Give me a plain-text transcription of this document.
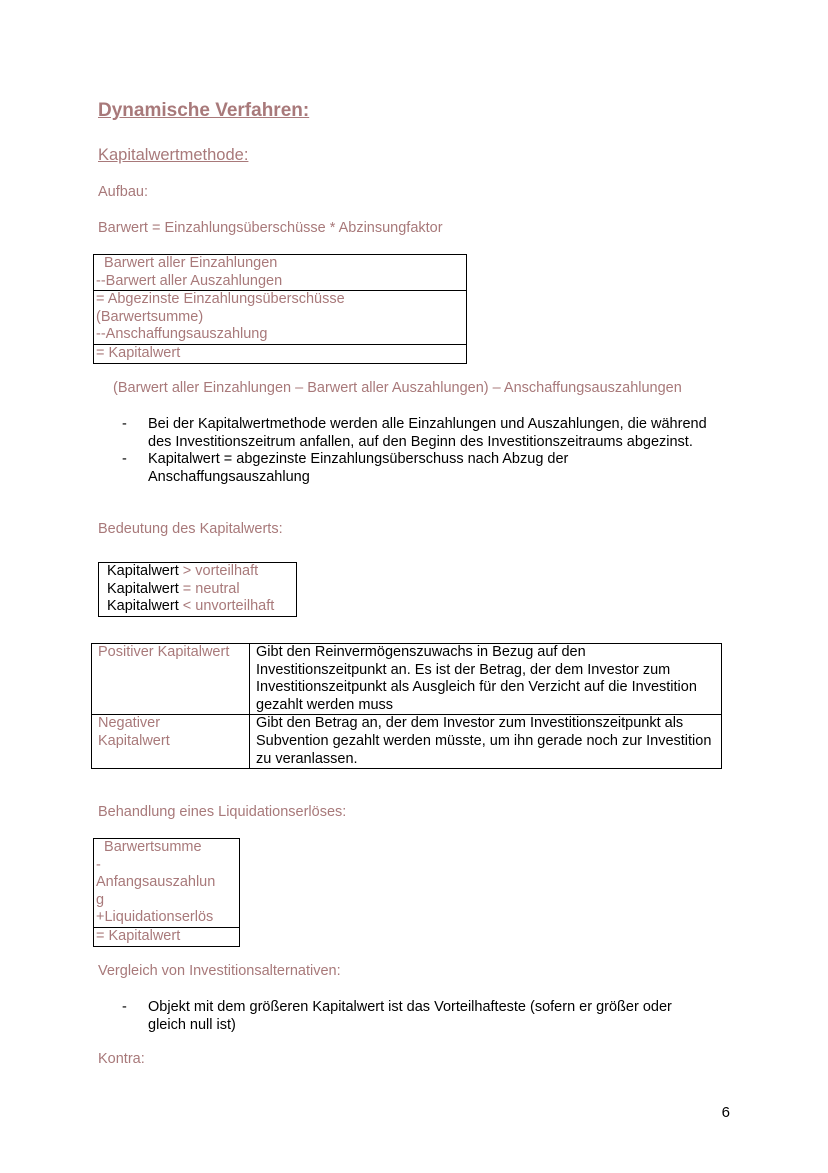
Dynamische Verfahren:
Kapitalwertmethode:
Aufbau:
Barwert = Einzahlungsüberschüsse * Abzinsungfaktor
Barwert aller Einzahlungen
--Barwert aller Auszahlungen
= Abgezinste Einzahlungsüberschüsse
(Barwertsumme)
--Anschaffungsauszahlung
= Kapitalwert
(Barwert aller Einzahlungen – Barwert aller Auszahlungen) – Anschaffungsauszahlungen
- Bei der Kapitalwertmethode werden alle Einzahlungen und Auszahlungen, die während des Investitionszeitrum anfallen, auf den Beginn des Investitionszeitraums abgezinst.
- Kapitalwert = abgezinste Einzahlungsüberschuss nach Abzug der Anschaffungsauszahlung
Bedeutung des Kapitalwerts:
Kapitalwert > vorteilhaft
Kapitalwert = neutral
Kapitalwert < unvorteilhaft
Positiver Kapitalwert	Gibt den Reinvermögenszuwachs in Bezug auf den Investitionszeitpunkt an. Es ist der Betrag, der dem Investor zum Investitionszeitpunkt als Ausgleich für den Verzicht auf die Investition gezahlt werden muss

Negativer Kapitalwert	Gibt den Betrag an, der dem Investor zum Investitionszeitpunkt als Subvention gezahlt werden müsste, um ihn gerade noch zur Investition zu veranlassen.
Behandlung eines Liquidationserlöses:
Barwertsumme
-
Anfangsauszahlun
g
+Liquidationserlös
= Kapitalwert
Vergleich von Investitionsalternativen:
- Objekt mit dem größeren Kapitalwert ist das Vorteilhafteste (sofern er größer oder gleich null ist)
Kontra:
6
